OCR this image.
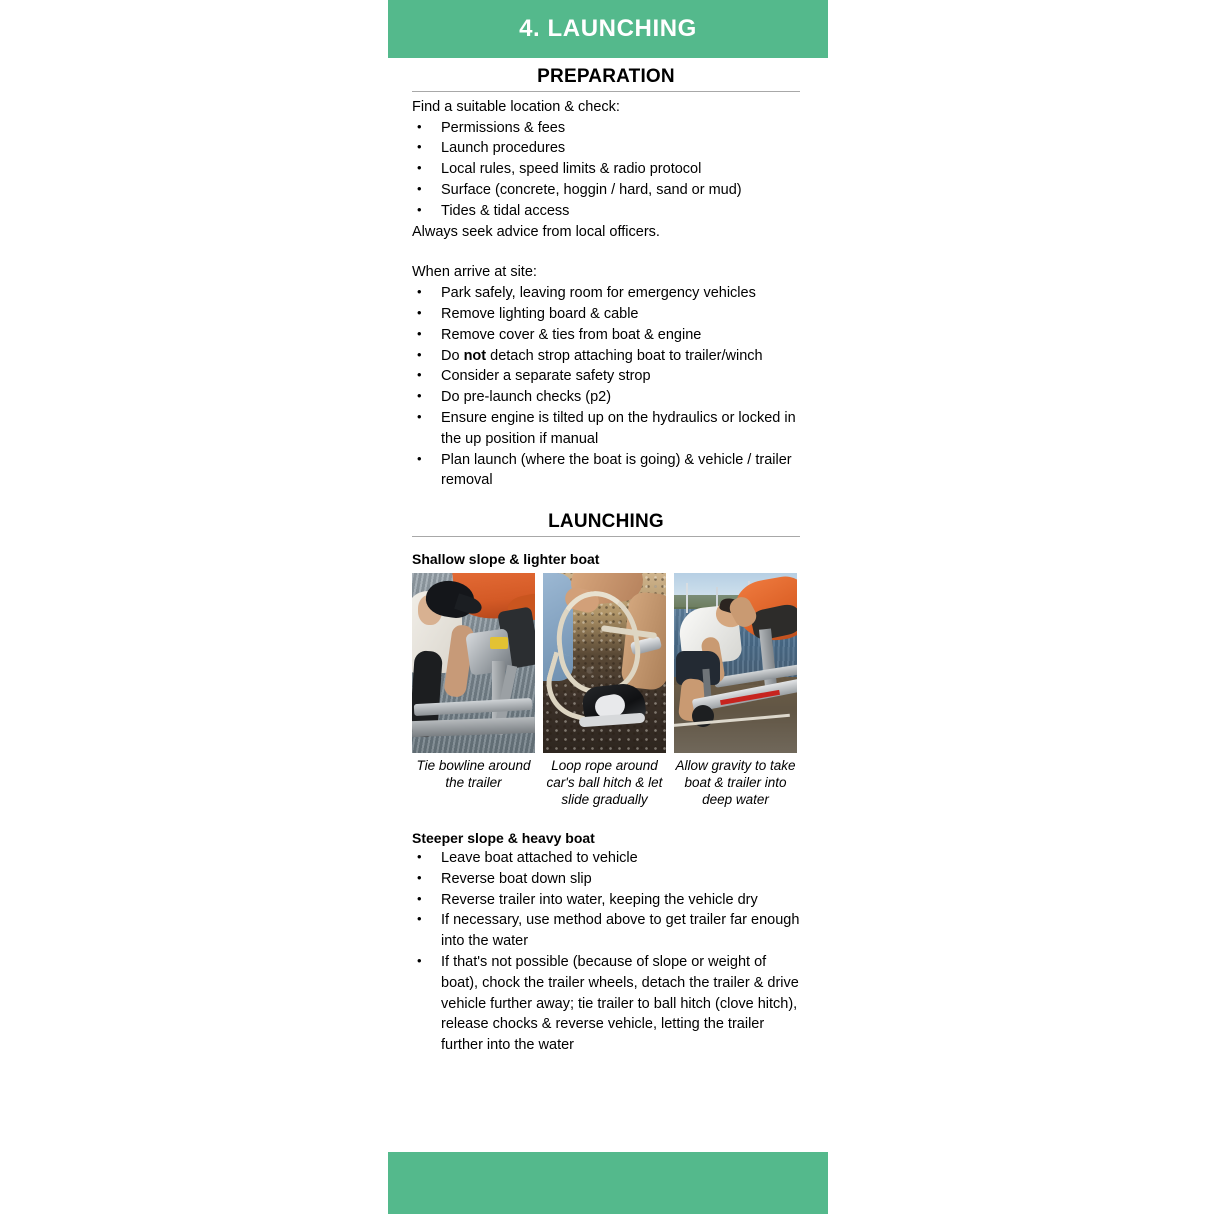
4. LAUNCHING
PREPARATION

Find a suitable location & check:

• Permissions & fees
• Launch procedures
• Local rules, speed limits & radio protocol
• Surface (concrete, hoggin / hard, sand or mud)
• Tides & tidal access

Always seek advice from local officers.

When arrive at site:

• Park safely, leaving room for emergency vehicles
• Remove lighting board & cable
• Remove cover & ties from boat & engine
• Do not detach strop attaching boat to trailer/winch
• Consider a separate safety strop
• Do pre-launch checks (p2)
• Ensure engine is tilted up on the hydraulics or locked in the up position if manual
• Plan launch (where the boat is going) & vehicle / trailer removal
LAUNCHING

Shallow slope & lighter boat

Tie bowline around the trailer
Loop rope around car's ball hitch & let slide gradually
Allow gravity to take boat & trailer into deep water

Steeper slope & heavy boat

• Leave boat attached to vehicle
• Reverse boat down slip
• Reverse trailer into water, keeping the vehicle dry
• If necessary, use method above to get trailer far enough into the water
• If that's not possible (because of slope or weight of boat), chock the trailer wheels, detach the trailer & drive vehicle further away; tie trailer to ball hitch (clove hitch), release chocks & reverse vehicle, letting the trailer further into the water
